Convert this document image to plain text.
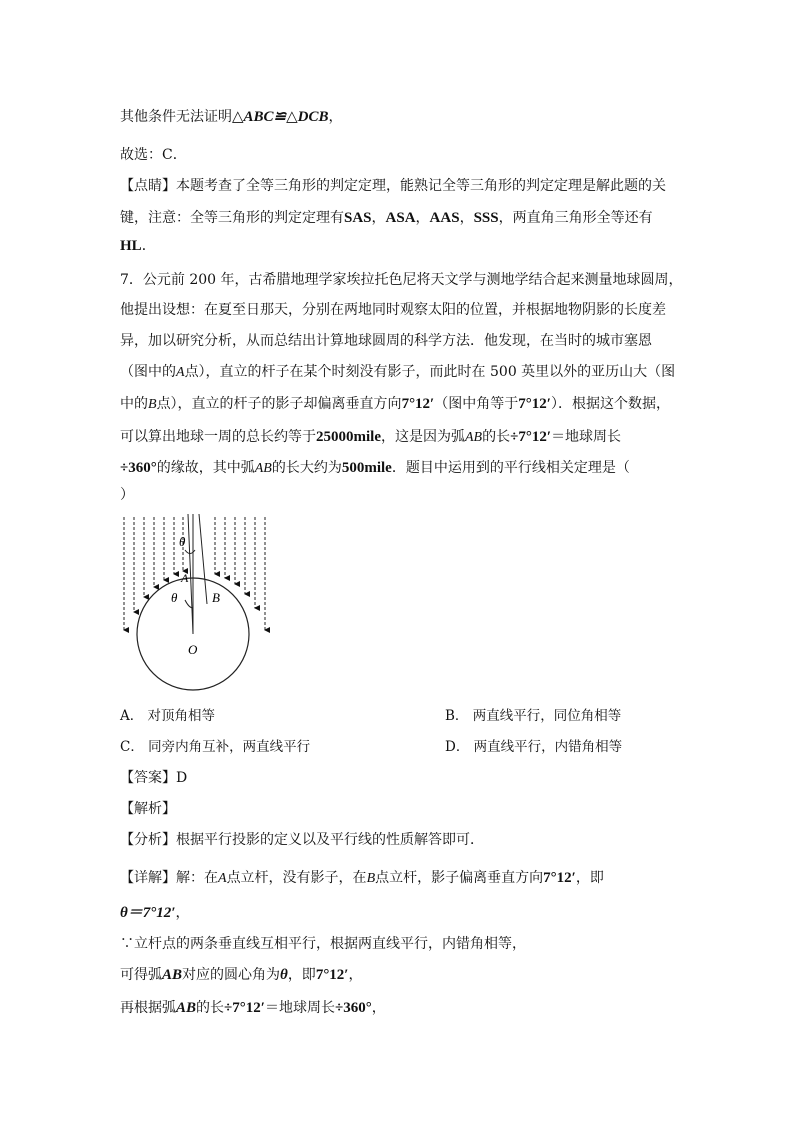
其他条件无法证明△ABC≌△DCB，
故选：C．
【点睛】本题考查了全等三角形的判定定理，能熟记全等三角形的判定定理是解此题的关
键，注意：全等三角形的判定定理有SAS，ASA，AAS，SSS，两直角三角形全等还有
HL．
7．公元前 200 年，古希腊地理学家埃拉托色尼将天文学与测地学结合起来测量地球圆周，
他提出设想：在夏至日那天，分别在两地同时观察太阳的位置，并根据地物阴影的长度差
异，加以研究分析，从而总结出计算地球圆周的科学方法．他发现，在当时的城市塞恩
（图中的A点），直立的杆子在某个时刻没有影子，而此时在 500 英里以外的亚历山大（图
中的B点），直立的杆子的影子却偏离垂直方向7°12′（图中角等于7°12′）．根据这个数据，
可以算出地球一周的总长约等于25000mile，这是因为弧AB的长÷7°12′＝地球周长
÷360°的缘故，其中弧AB的长大约为500mile．题目中运用到的平行线相关定理是（
）
θ
θ
A
B
O
A． 对顶角相等	B． 两直线平行，同位角相等
C． 同旁内角互补，两直线平行	D． 两直线平行，内错角相等
【答案】D
【解析】
【分析】根据平行投影的定义以及平行线的性质解答即可．
【详解】解：在A点立杆，没有影子，在B点立杆，影子偏离垂直方向7°12′，即
θ＝7°12′，
∵立杆点的两条垂直线互相平行，根据两直线平行，内错角相等，
可得弧AB对应的圆心角为θ，即7°12′，
再根据弧AB的长÷7°12′＝地球周长÷360°，
